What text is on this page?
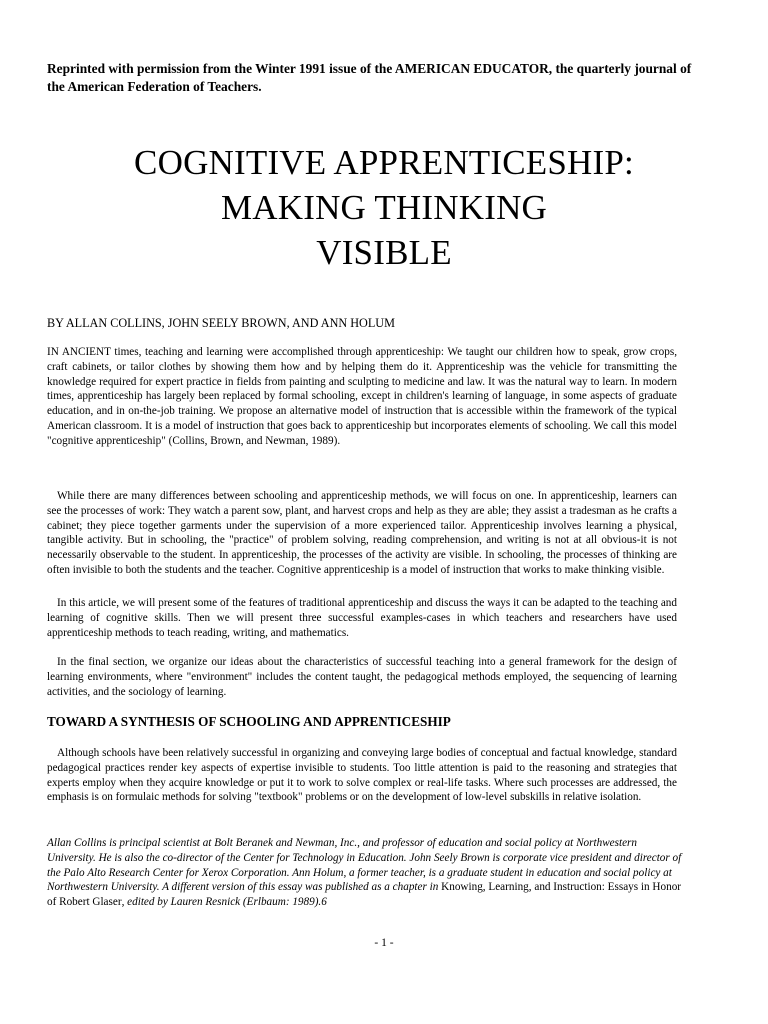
Reprinted with permission from the Winter 1991 issue of the AMERICAN EDUCATOR, the quarterly journal of the American Federation of Teachers.
COGNITIVE APPRENTICESHIP:
MAKING THINKING
VISIBLE
BY ALLAN COLLINS, JOHN SEELY BROWN, AND ANN HOLUM
IN ANCIENT times, teaching and learning were accomplished through apprenticeship: We taught our children how to speak, grow crops, craft cabinets, or tailor clothes by showing them how and by helping them do it. Apprenticeship was the vehicle for transmitting the knowledge required for expert practice in fields from painting and sculpting to medicine and law. It was the natural way to learn. In modern times, apprenticeship has largely been replaced by formal schooling, except in children's learning of language, in some aspects of graduate education, and in on-the-job training. We propose an alternative model of instruction that is accessible within the framework of the typical American classroom. It is a model of instruction that goes back to apprenticeship but incorporates elements of schooling. We call this model "cognitive apprenticeship" (Collins, Brown, and Newman, 1989).
While there are many differences between schooling and apprenticeship methods, we will focus on one. In apprenticeship, learners can see the processes of work: They watch a parent sow, plant, and harvest crops and help as they are able; they assist a tradesman as he crafts a cabinet; they piece together garments under the supervision of a more experienced tailor. Apprenticeship involves learning a physical, tangible activity. But in schooling, the "practice" of problem solving, reading comprehension, and writing is not at all obvious-it is not necessarily observable to the student. In apprenticeship, the processes of the activity are visible. In schooling, the processes of thinking are often invisible to both the students and the teacher. Cognitive apprenticeship is a model of instruction that works to make thinking visible.
In this article, we will present some of the features of traditional apprenticeship and discuss the ways it can be adapted to the teaching and learning of cognitive skills. Then we will present three successful examples-cases in which teachers and researchers have used apprenticeship methods to teach reading, writing, and mathematics.
In the final section, we organize our ideas about the characteristics of successful teaching into a general framework for the design of learning environments, where "environment" includes the content taught, the pedagogical methods employed, the sequencing of learning activities, and the sociology of learning.
TOWARD A SYNTHESIS OF SCHOOLING AND APPRENTICESHIP
Although schools have been relatively successful in organizing and conveying large bodies of conceptual and factual knowledge, standard pedagogical practices render key aspects of expertise invisible to students. Too little attention is paid to the reasoning and strategies that experts employ when they acquire knowledge or put it to work to solve complex or real-life tasks. Where such processes are addressed, the emphasis is on formulaic methods for solving "textbook" problems or on the development of low-level subskills in relative isolation.
Allan Collins is principal scientist at Bolt Beranek and Newman, Inc., and professor of education and social policy at Northwestern University. He is also the co-director of the Center for Technology in Education. John Seely Brown is corporate vice president and director of the Palo Alto Research Center for Xerox Corporation. Ann Holum, a former teacher, is a graduate student in education and social policy at Northwestern University. A different version of this essay was published as a chapter in Knowing, Learning, and Instruction: Essays in Honor of Robert Glaser, edited by Lauren Resnick (Erlbaum: 1989).6
- 1 -
